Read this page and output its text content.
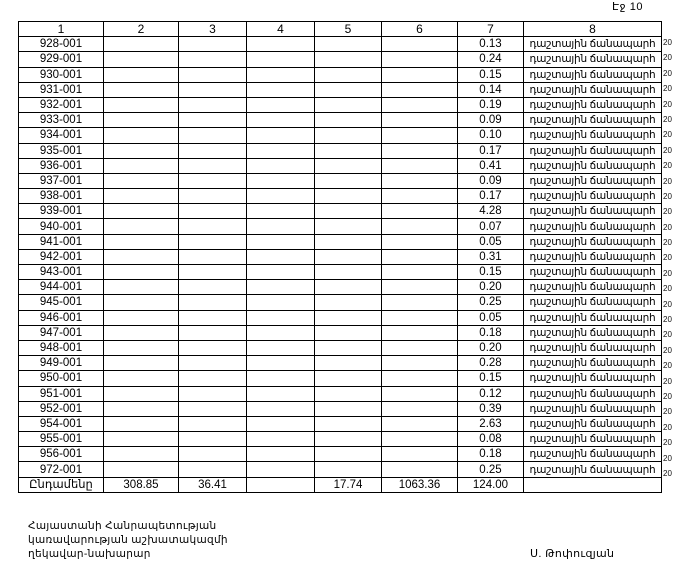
Էջ 10
1	2	3	4	5	6	7	8
928-001						0.13	դաշտային ճանապարհ
929-001						0.24	դաշտային ճանապարհ
930-001						0.15	դաշտային ճանապարհ
931-001						0.14	դաշտային ճանապարհ
932-001						0.19	դաշտային ճանապարհ
933-001						0.09	դաշտային ճանապարհ
934-001						0.10	դաշտային ճանապարհ
935-001						0.17	դաշտային ճանապարհ
936-001						0.41	դաշտային ճանապարհ
937-001						0.09	դաշտային ճանապարհ
938-001						0.17	դաշտային ճանապարհ
939-001						4.28	դաշտային ճանապարհ
940-001						0.07	դաշտային ճանապարհ
941-001						0.05	դաշտային ճանապարհ
942-001						0.31	դաշտային ճանապարհ
943-001						0.15	դաշտային ճանապարհ
944-001						0.20	դաշտային ճանապարհ
945-001						0.25	դաշտային ճանապարհ
946-001						0.05	դաշտային ճանապարհ
947-001						0.18	դաշտային ճանապարհ
948-001						0.20	դաշտային ճանապարհ
949-001						0.28	դաշտային ճանապարհ
950-001						0.15	դաշտային ճանապարհ
951-001						0.12	դաշտային ճանապարհ
952-001						0.39	դաշտային ճանապարհ
954-001						2.63	դաշտային ճանապարհ
955-001						0.08	դաշտային ճանապարհ
956-001						0.18	դաշտային ճանապարհ
972-001						0.25	դաշտային ճանապարհ
Ընդամենը	308.85	36.41		17.74	1063.36	124.00	
20
20
20
20
20
20
20
20
20
20
20
20
20
20
20
20
20
20
20
20
20
20
20
20
20
20
20
20
20
Հայաստանի Հանրապետության
կառավարության աշխատակազմի
ղեկավար-նախարար	Ս. Թոփուզյան
